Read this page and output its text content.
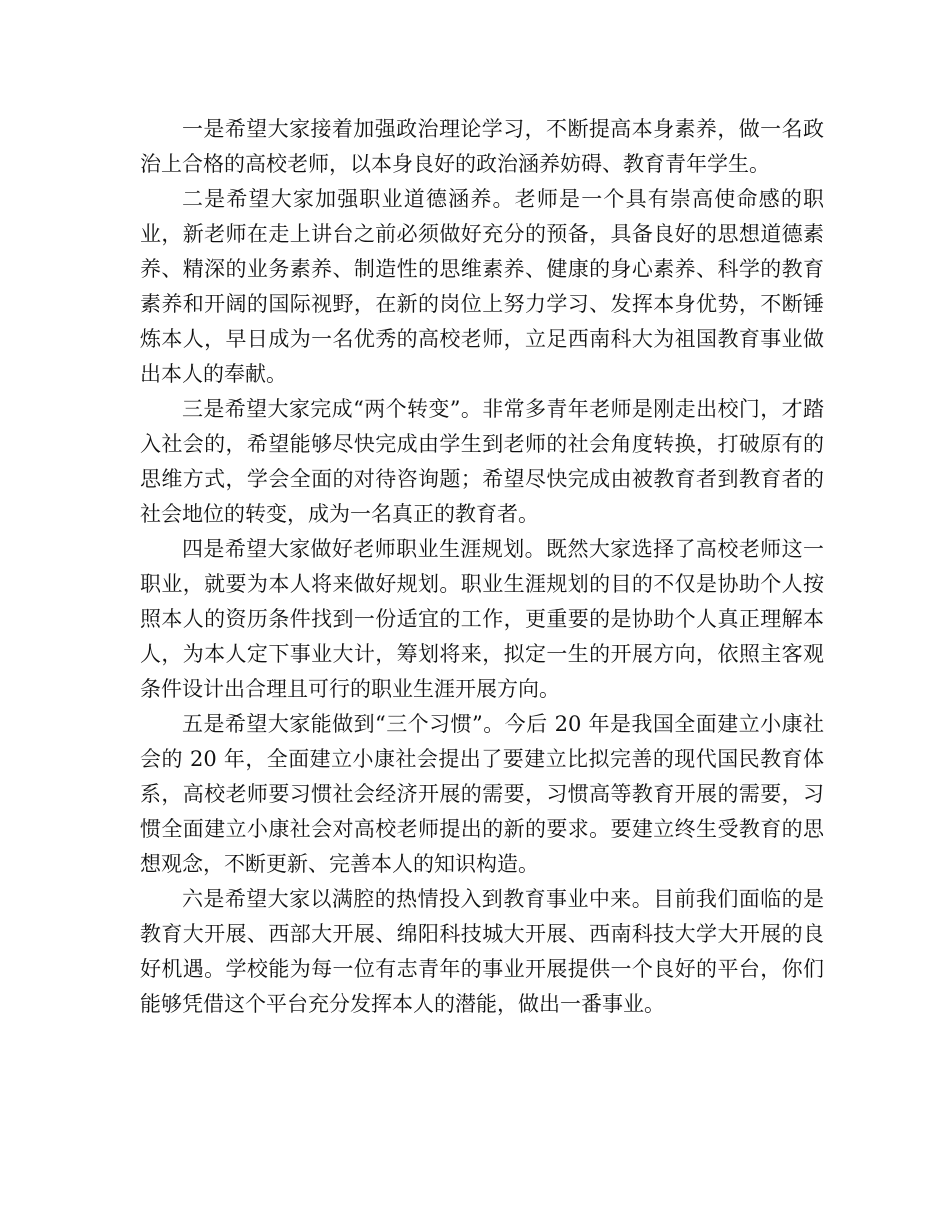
一是希望大家接着加强政治理论学习，不断提高本身素养，做一名政治上合格的高校老师，以本身良好的政治涵养妨碍、教育青年学生。

二是希望大家加强职业道德涵养。老师是一个具有崇高使命感的职业，新老师在走上讲台之前必须做好充分的预备，具备良好的思想道德素养、精深的业务素养、制造性的思维素养、健康的身心素养、科学的教育素养和开阔的国际视野，在新的岗位上努力学习、发挥本身优势，不断锤炼本人，早日成为一名优秀的高校老师，立足西南科大为祖国教育事业做出本人的奉献。

三是希望大家完成“两个转变”。非常多青年老师是刚走出校门，才踏入社会的，希望能够尽快完成由学生到老师的社会角度转换，打破原有的思维方式，学会全面的对待咨询题；希望尽快完成由被教育者到教育者的社会地位的转变，成为一名真正的教育者。

四是希望大家做好老师职业生涯规划。既然大家选择了高校老师这一职业，就要为本人将来做好规划。职业生涯规划的目的不仅是协助个人按照本人的资历条件找到一份适宜的工作，更重要的是协助个人真正理解本人，为本人定下事业大计，筹划将来，拟定一生的开展方向，依照主客观条件设计出合理且可行的职业生涯开展方向。

五是希望大家能做到“三个习惯”。今后 20 年是我国全面建立小康社会的 20 年，全面建立小康社会提出了要建立比拟完善的现代国民教育体系，高校老师要习惯社会经济开展的需要，习惯高等教育开展的需要，习惯全面建立小康社会对高校老师提出的新的要求。要建立终生受教育的思想观念，不断更新、完善本人的知识构造。

六是希望大家以满腔的热情投入到教育事业中来。目前我们面临的是教育大开展、西部大开展、绵阳科技城大开展、西南科技大学大开展的良好机遇。学校能为每一位有志青年的事业开展提供一个良好的平台，你们能够凭借这个平台充分发挥本人的潜能，做出一番事业。
